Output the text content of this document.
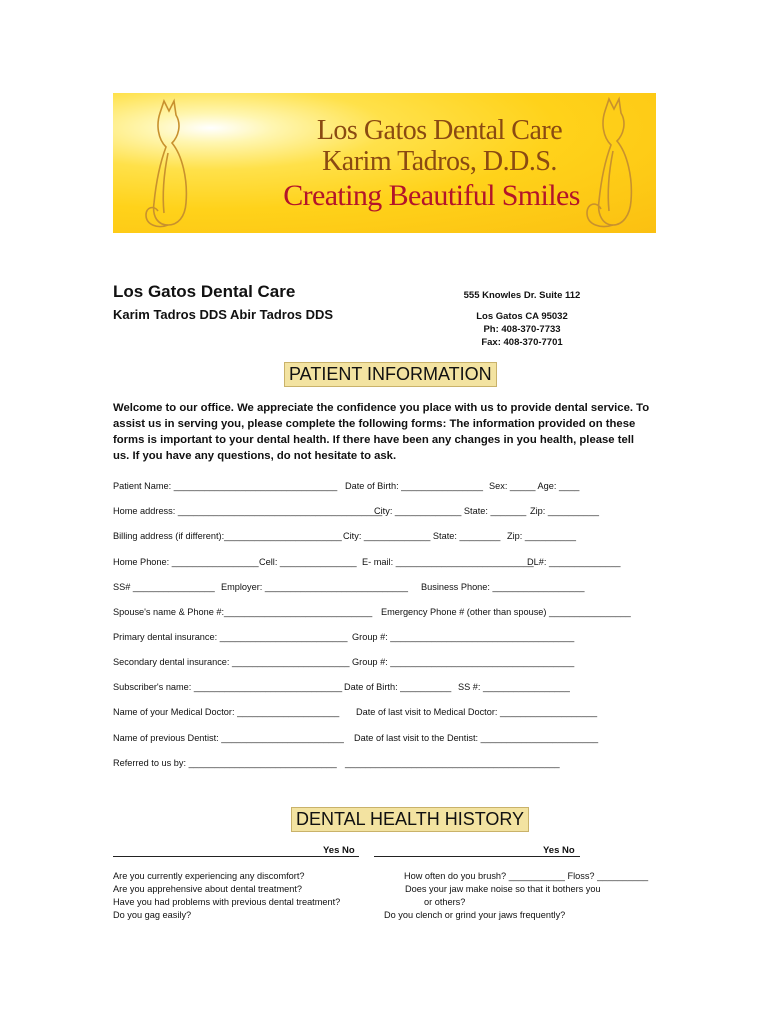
Los Gatos Dental Care
Karim Tadros, D.D.S.
Creating Beautiful Smiles
Los Gatos Dental Care
Karim Tadros DDS Abir Tadros DDS
555 Knowles Dr. Suite 112
Los Gatos CA 95032
Ph: 408-370-7733
Fax: 408-370-7701
PATIENT INFORMATION
Welcome to our office. We appreciate the confidence you place with us to provide dental service. To assist us in serving you, please complete the following forms: The information provided on these forms is important to your dental health. If there have been any changes in you health, please tell us. If you have any questions, do not hesitate to ask.
Patient Name: ________________________________ Date of Birth: ________________ Sex: _____ Age: ____
Home address: ________________________________________
City: _____________ State: _______ Zip: __________
Billing address (if different):_______________________ City: _____________ State: ________ Zip: __________
Home Phone: _________________ Cell: _______________ E- mail: ___________________________
DL#: ______________
SS# ________________ Employer: ____________________________ Business Phone: __________________
Spouse's name & Phone #:_____________________________ Emergency Phone # (other than spouse) ________________
Primary dental insurance: _________________________ Group #: ____________________________________
Secondary dental insurance: _______________________ Group #: ____________________________________
Subscriber's name: _____________________________ Date of Birth: __________ SS #: _________________
Name of your Medical Doctor: ____________________ Date of last visit to Medical Doctor: ___________________
Name of previous Dentist: ________________________ Date of last visit to the Dentist: _______________________
Referred to us by: _____________________________ __________________________________________
DENTAL HEALTH HISTORY
Yes No	Yes No
Are you currently experiencing any discomfort?
Are you apprehensive about dental treatment?
Have you had problems with previous dental treatment?
Do you gag easily?
How often do you brush? ___________ Floss? __________
Does your jaw make noise so that it bothers you
or others?
Do you clench or grind your jaws frequently?
